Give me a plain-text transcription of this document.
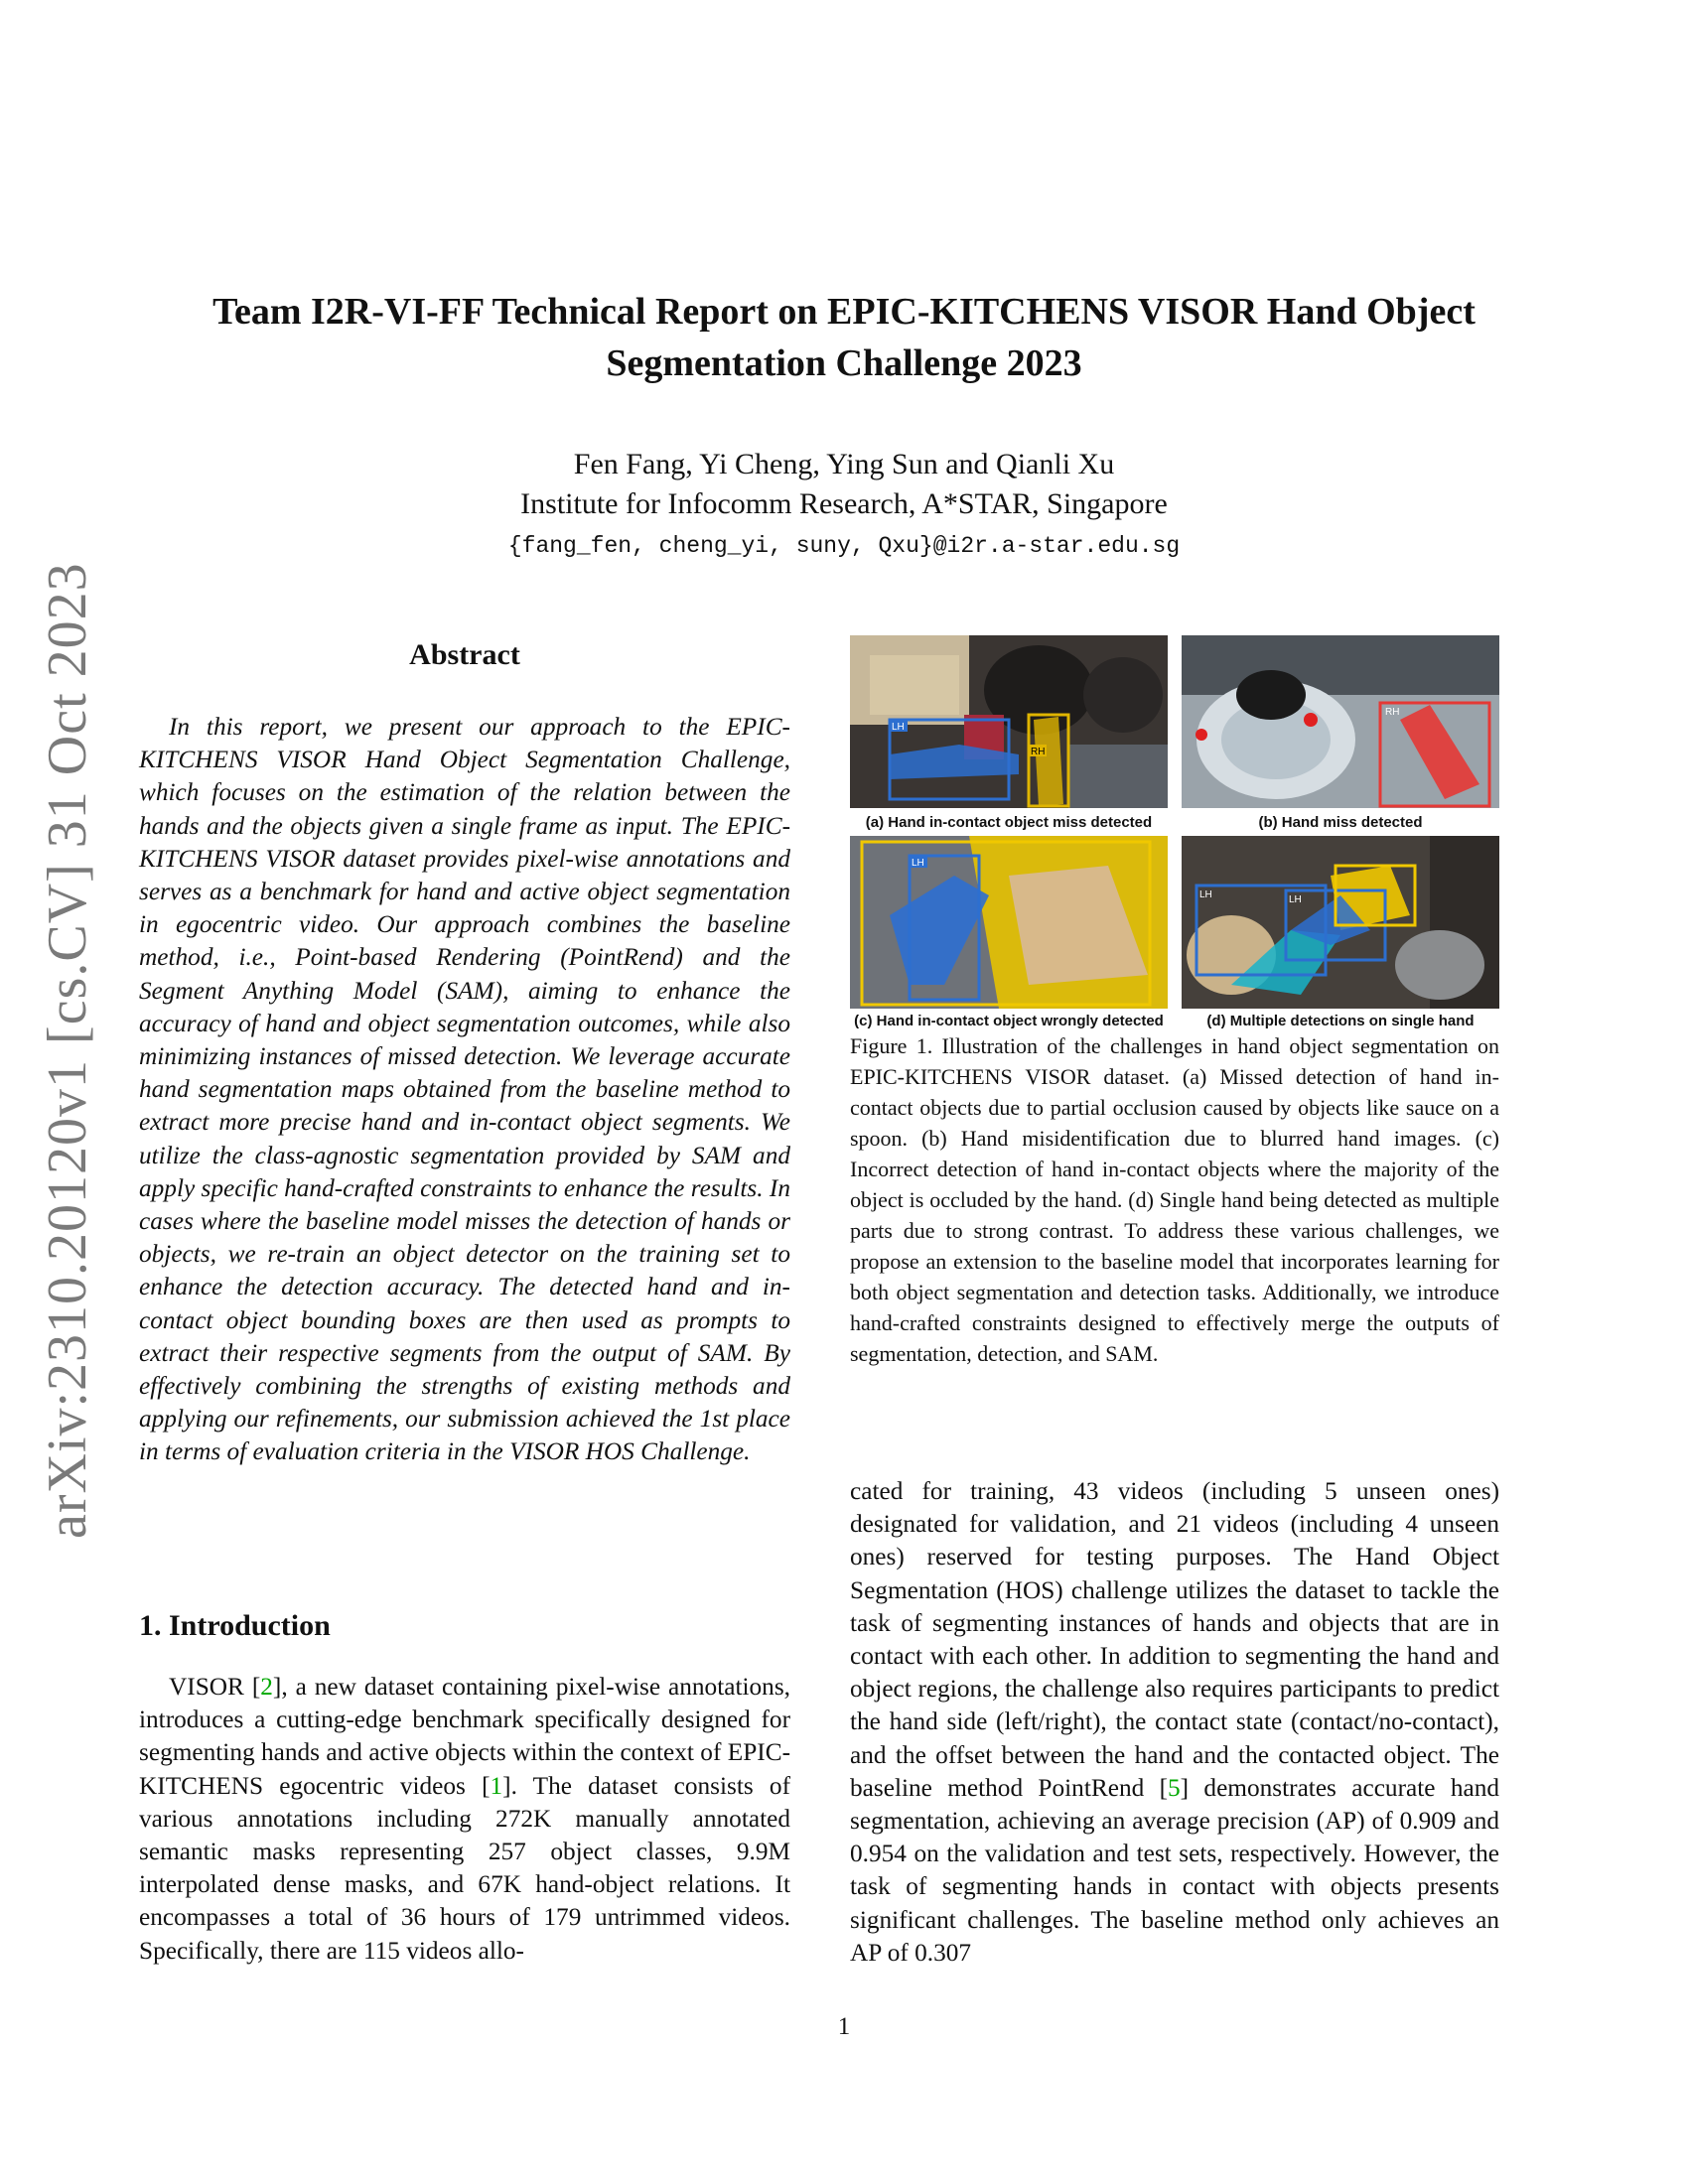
arXiv:2310.20120v1 [cs.CV] 31 Oct 2023
Team I2R-VI-FF Technical Report on EPIC-KITCHENS VISOR Hand Object
Segmentation Challenge 2023
Fen Fang, Yi Cheng, Ying Sun and Qianli Xu
Institute for Infocomm Research, A*STAR, Singapore
{fang_fen, cheng_yi, suny, Qxu}@i2r.a-star.edu.sg
Abstract
In this report, we present our approach to the EPIC-KITCHENS VISOR Hand Object Segmentation Challenge, which focuses on the estimation of the relation between the hands and the objects given a single frame as input. The EPIC-KITCHENS VISOR dataset provides pixel-wise annotations and serves as a benchmark for hand and active object segmentation in egocentric video. Our approach combines the baseline method, i.e., Point-based Rendering (PointRend) and the Segment Anything Model (SAM), aiming to enhance the accuracy of hand and object segmentation outcomes, while also minimizing instances of missed detection. We leverage accurate hand segmentation maps obtained from the baseline method to extract more precise hand and in-contact object segments. We utilize the class-agnostic segmentation provided by SAM and apply specific hand-crafted constraints to enhance the results. In cases where the baseline model misses the detection of hands or objects, we re-train an object detector on the training set to enhance the detection accuracy. The detected hand and in-contact object bounding boxes are then used as prompts to extract their respective segments from the output of SAM. By effectively combining the strengths of existing methods and applying our refinements, our submission achieved the 1st place in terms of evaluation criteria in the VISOR HOS Challenge.
1. Introduction
VISOR [2], a new dataset containing pixel-wise annotations, introduces a cutting-edge benchmark specifically designed for segmenting hands and active objects within the context of EPIC-KITCHENS egocentric videos [1]. The dataset consists of various annotations including 272K manually annotated semantic masks representing 257 object classes, 9.9M interpolated dense masks, and 67K hand-object relations. It encompasses a total of 36 hours of 179 untrimmed videos. Specifically, there are 115 videos allo-
LH
RH
(a) Hand in-contact object miss detected
RH
(b) Hand miss detected
LH
(c) Hand in-contact object wrongly detected
LH	LH
(d) Multiple detections on single hand
Figure 1. Illustration of the challenges in hand object segmentation on EPIC-KITCHENS VISOR dataset. (a) Missed detection of hand in-contact objects due to partial occlusion caused by objects like sauce on a spoon. (b) Hand misidentification due to blurred hand images. (c) Incorrect detection of hand in-contact objects where the majority of the object is occluded by the hand. (d) Single hand being detected as multiple parts due to strong contrast. To address these various challenges, we propose an extension to the baseline model that incorporates learning for both object segmentation and detection tasks. Additionally, we introduce hand-crafted constraints designed to effectively merge the outputs of segmentation, detection, and SAM.
cated for training, 43 videos (including 5 unseen ones) designated for validation, and 21 videos (including 4 unseen ones) reserved for testing purposes. The Hand Object Segmentation (HOS) challenge utilizes the dataset to tackle the task of segmenting instances of hands and objects that are in contact with each other. In addition to segmenting the hand and object regions, the challenge also requires participants to predict the hand side (left/right), the contact state (contact/no-contact), and the offset between the hand and the contacted object. The baseline method PointRend [5] demonstrates accurate hand segmentation, achieving an average precision (AP) of 0.909 and 0.954 on the validation and test sets, respectively. However, the task of segmenting hands in contact with objects presents significant challenges. The baseline method only achieves an AP of 0.307
1
